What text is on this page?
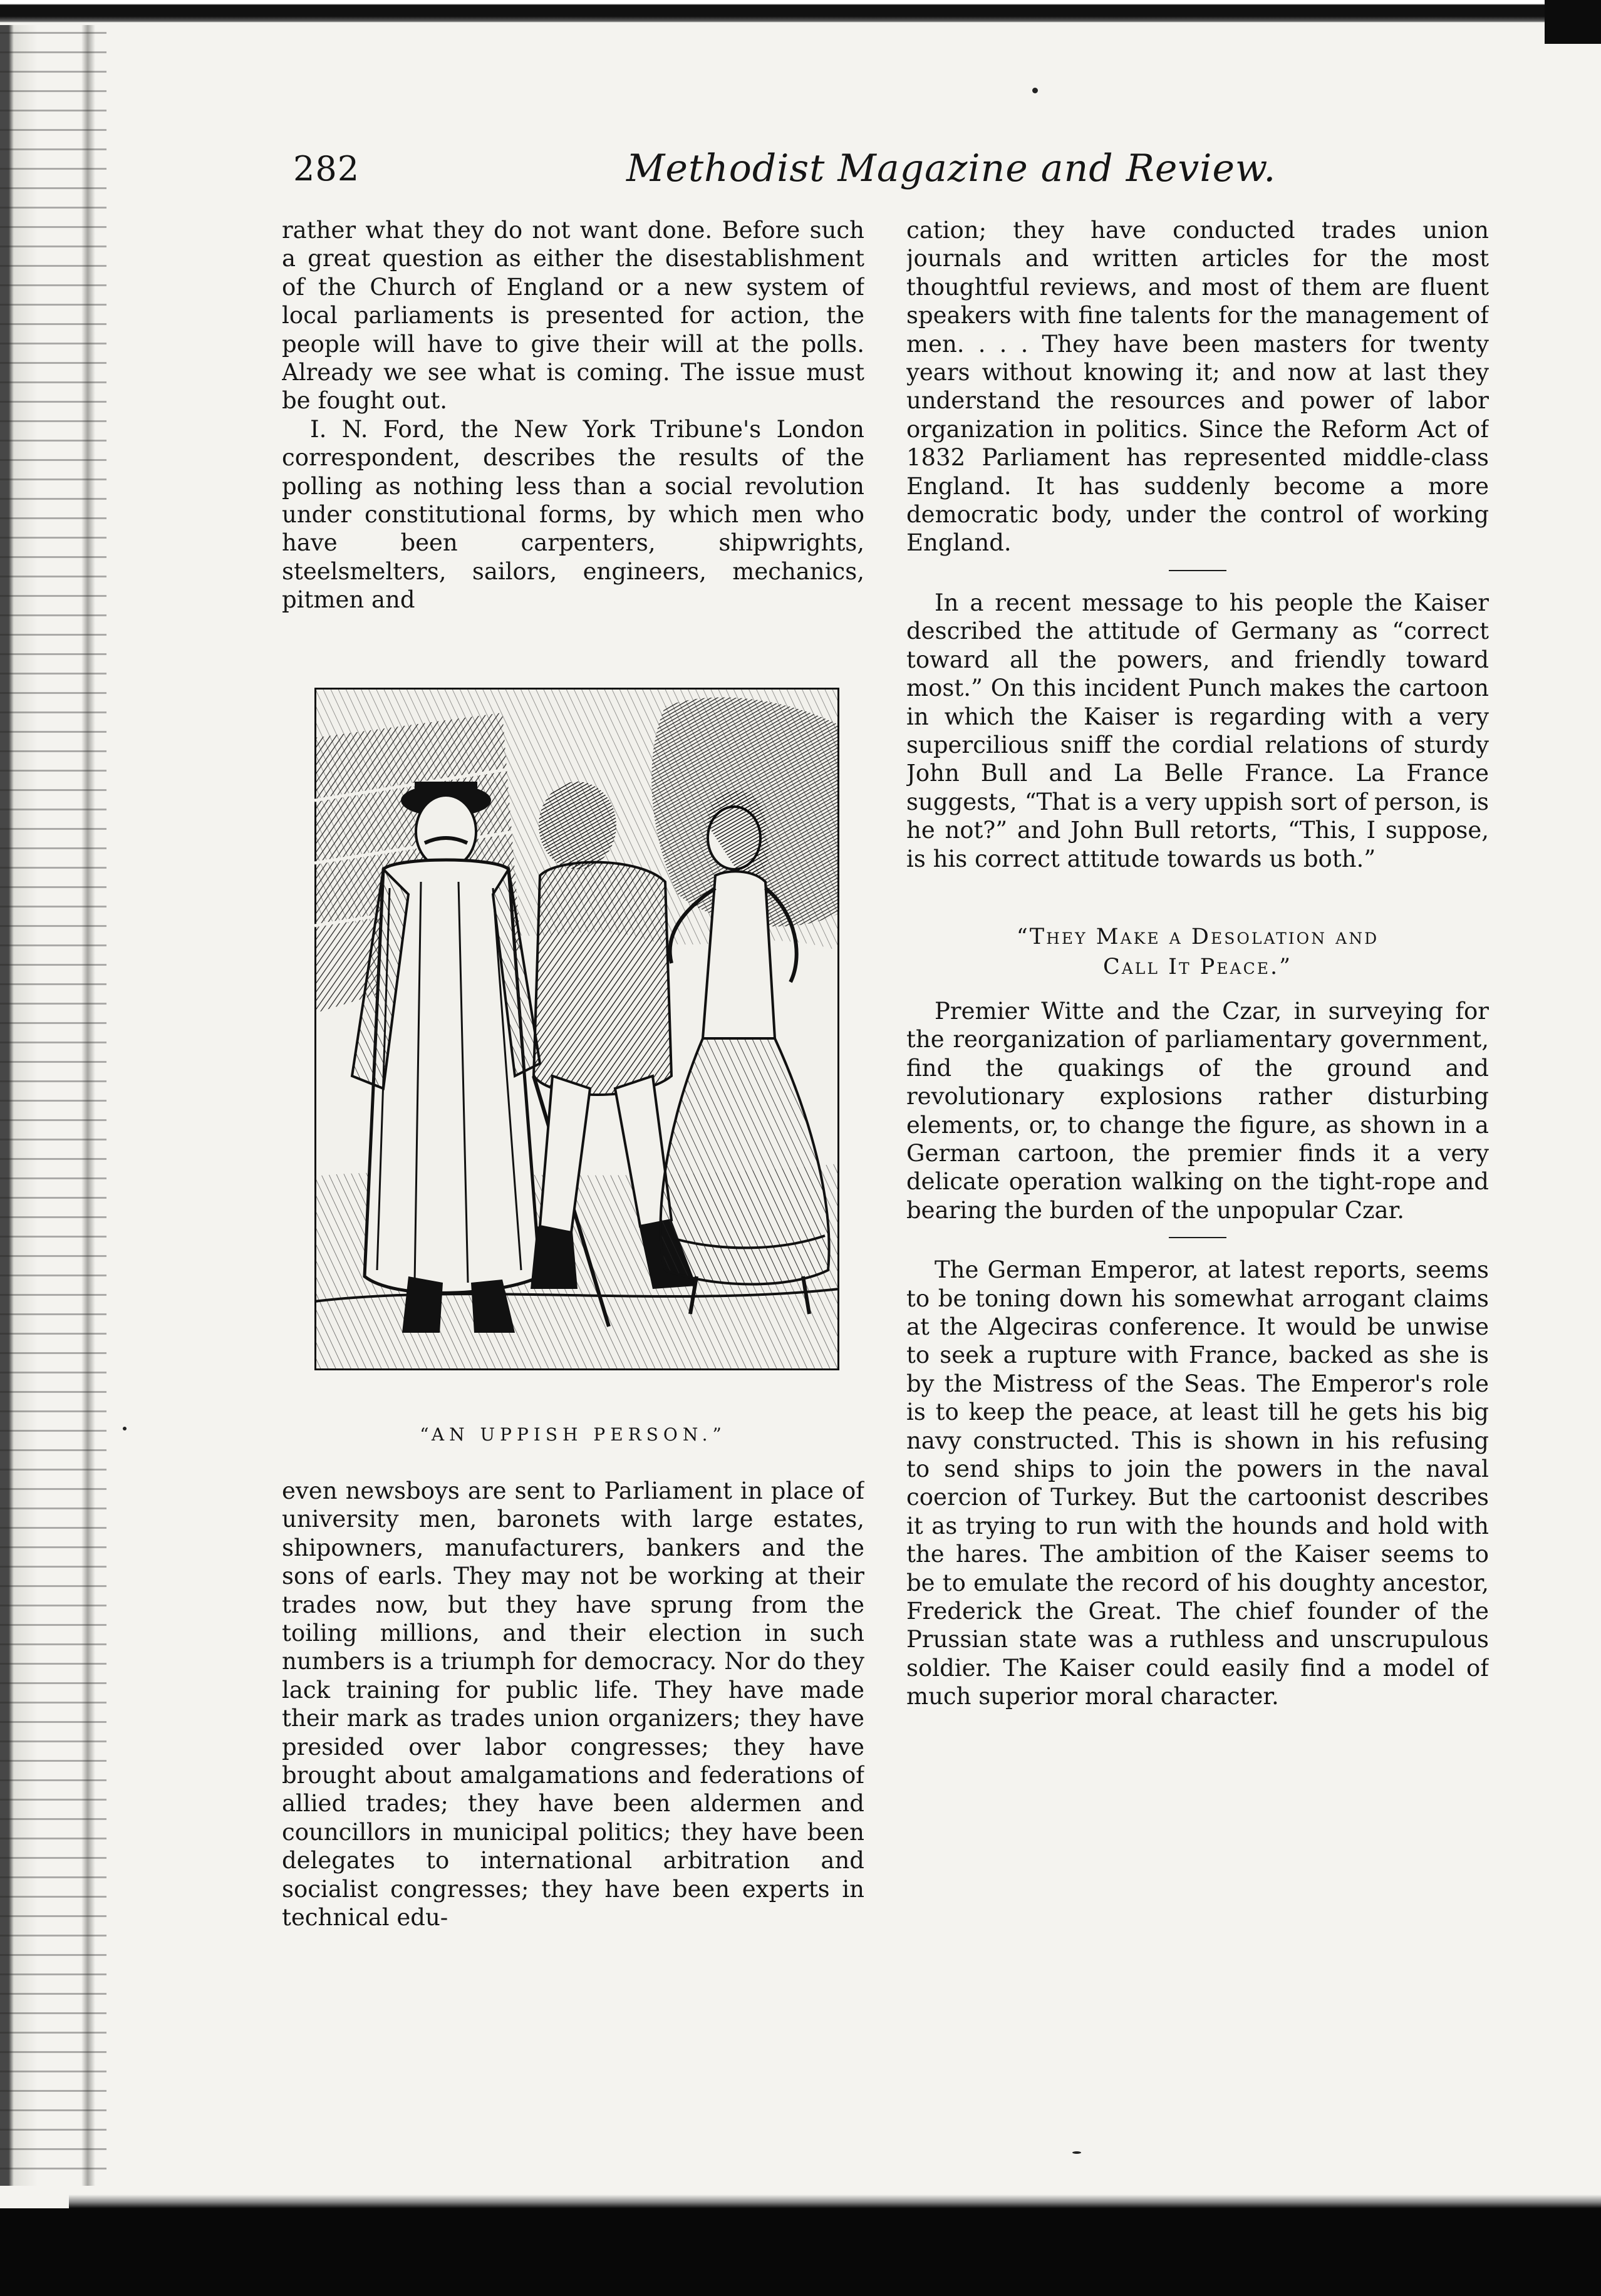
282	Methodist Magazine and Review.

rather what they do not want done. Before such a great question as either the disestablishment of the Church of England or a new system of local parliaments is presented for action, the people will have to give their will at the polls. Already we see what is coming. The issue must be fought out.

I. N. Ford, the New York Tribune's London correspondent, describes the results of the polling as nothing less than a social revolution under constitutional forms, by which men who have been carpenters, shipwrights, steelsmelters, sailors, engineers, mechanics, pitmen and

“AN UPPISH PERSON.”

even newsboys are sent to Parliament in place of university men, baronets with large estates, shipowners, manufacturers, bankers and the sons of earls. They may not be working at their trades now, but they have sprung from the toiling millions, and their election in such numbers is a triumph for democracy. Nor do they lack training for public life. They have made their mark as trades union organizers; they have presided over labor congresses; they have brought about amalgamations and federations of allied trades; they have been aldermen and councillors in municipal politics; they have been delegates to international arbitration and socialist congresses; they have been experts in technical edu-

cation; they have conducted trades union journals and written articles for the most thoughtful reviews, and most of them are fluent speakers with fine talents for the management of men. . . . They have been masters for twenty years without knowing it; and now at last they understand the resources and power of labor organization in politics. Since the Reform Act of 1832 Parliament has represented middle-class England. It has suddenly become a more democratic body, under the control of working England.

In a recent message to his people the Kaiser described the attitude of Germany as “correct toward all the powers, and friendly toward most.” On this incident Punch makes the cartoon in which the Kaiser is regarding with a very supercilious sniff the cordial relations of sturdy John Bull and La Belle France. La France suggests, “That is a very uppish sort of person, is he not?” and John Bull retorts, “This, I suppose, is his correct attitude towards us both.”

“They Make a Desolation and
Call It Peace.”

Premier Witte and the Czar, in surveying for the reorganization of parliamentary government, find the quakings of the ground and revolutionary explosions rather disturbing elements, or, to change the figure, as shown in a German cartoon, the premier finds it a very delicate operation walking on the tight-rope and bearing the burden of the unpopular Czar.

The German Emperor, at latest reports, seems to be toning down his somewhat arrogant claims at the Algeciras conference. It would be unwise to seek a rupture with France, backed as she is by the Mistress of the Seas. The Emperor's role is to keep the peace, at least till he gets his big navy constructed. This is shown in his refusing to send ships to join the powers in the naval coercion of Turkey. But the cartoonist describes it as trying to run with the hounds and hold with the hares. The ambition of the Kaiser seems to be to emulate the record of his doughty ancestor, Frederick the Great. The chief founder of the Prussian state was a ruthless and unscrupulous soldier. The Kaiser could easily find a model of much superior moral character.
